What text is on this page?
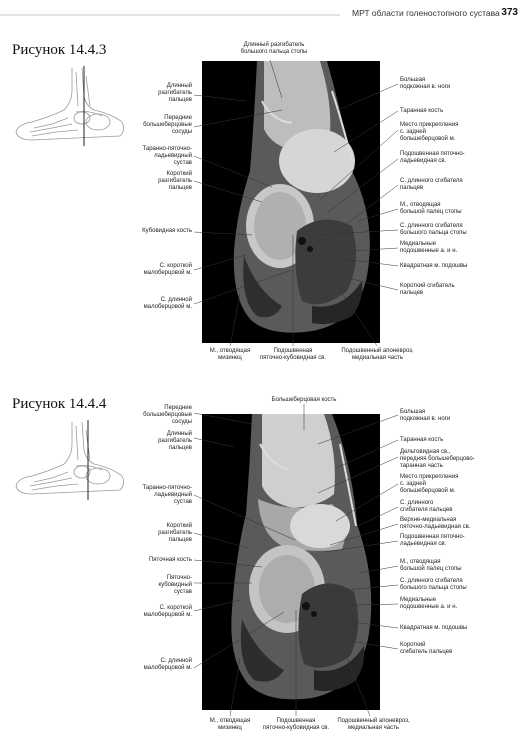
МРТ области голеностопного сустава 373
Рисунок 14.4.3	Длинный разгибатель
большого пальца стопы
Длинный
разгибатель
пальцев
Передние
большеберцовые
сосуды
Таранно-пяточно-
ладьевидный
сустав
Короткий
разгибатель
пальцев
Кубовидная кость
С. короткой
малоберцовой м.
С. длинной
малоберцовой м.
Большая
подкожная в. ноги
Таранная кость
Место прикрепления
с. задней
большеберцовой м.
Подошвенная пяточно-
ладьевидная св.
С. длинного сгибателя
пальцев
М., отводящая
большой палец стопы
С. длинного сгибателя
большого пальца стопы
Медиальные
подошвенные а. и н.
Квадратная м. подошвы
Короткий сгибатель
пальцев
М., отводящая
мизинец
Подошвенная
пяточно-кубовидная св.
Подошвенный апоневроз,
медиальная часть
Рисунок 14.4.4	Большеберцовая кость
Передние
большеберцовые
сосуды
Длинный
разгибатель
пальцев
Таранно-пяточно-
ладьевидный
сустав
Короткий
разгибатель
пальцев
Пяточная кость
Пяточно-
кубовидный
сустав
С. короткой
малоберцовой м.
С. длинной
малоберцовой м.
Большая
подкожная в. ноги
Таранная кость
Дельтовидная св.,
передняя большеберцово-
таранная часть
Место прикрепления
с. задней
большеберцовой м.
С. длинного
сгибателя пальцев
Верхне-медиальная
пяточно-ладьевидная св.
Подошвенная пяточно-
ладьевидная св.
М., отводящая
большой палец стопы
С. длинного сгибателя
большого пальца стопы
Медиальные
подошвенные а. и н.
Квадратная м. подошвы
Короткий
сгибатель пальцев
М., отводящая
мизинец
Подошвенная
пяточно-кубовидная св.
Подошвенный апоневроз,
медиальная часть
